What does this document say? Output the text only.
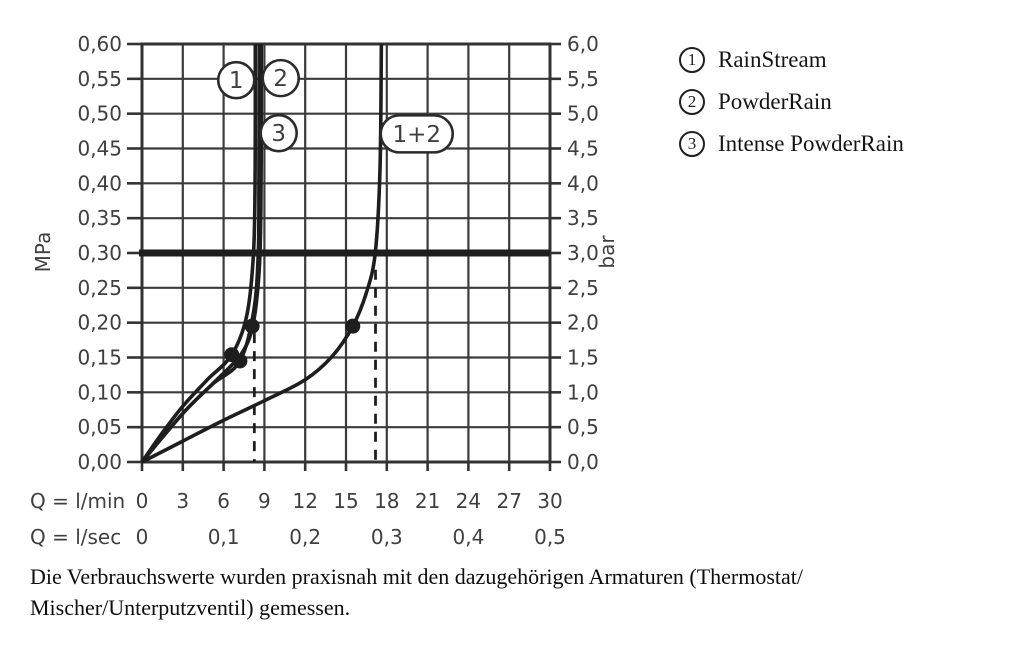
1 2
3	1+2
0,60
0,55
0,50
0,45
0,40
0,35
0,30
0,25
0,20
0,15
0,10
0,05
0,00
6,0
5,5
5,0
4,5
4,0
3,5
3,0
2,5
2,0
1,5
1,0
0,5
0,0
MPa	bar
Q = l/min 0 3 6 9 12 15 18 21 24 27 30
Q = l/sec 0	0,1 0,2 0,3 0,4 0,5
1 RainStream
2 PowderRain
3 Intense PowderRain
Die Verbrauchswerte wurden praxisnah mit den dazugehörigen Armaturen (Thermostat/
Mischer/Unterputzventil) gemessen.
